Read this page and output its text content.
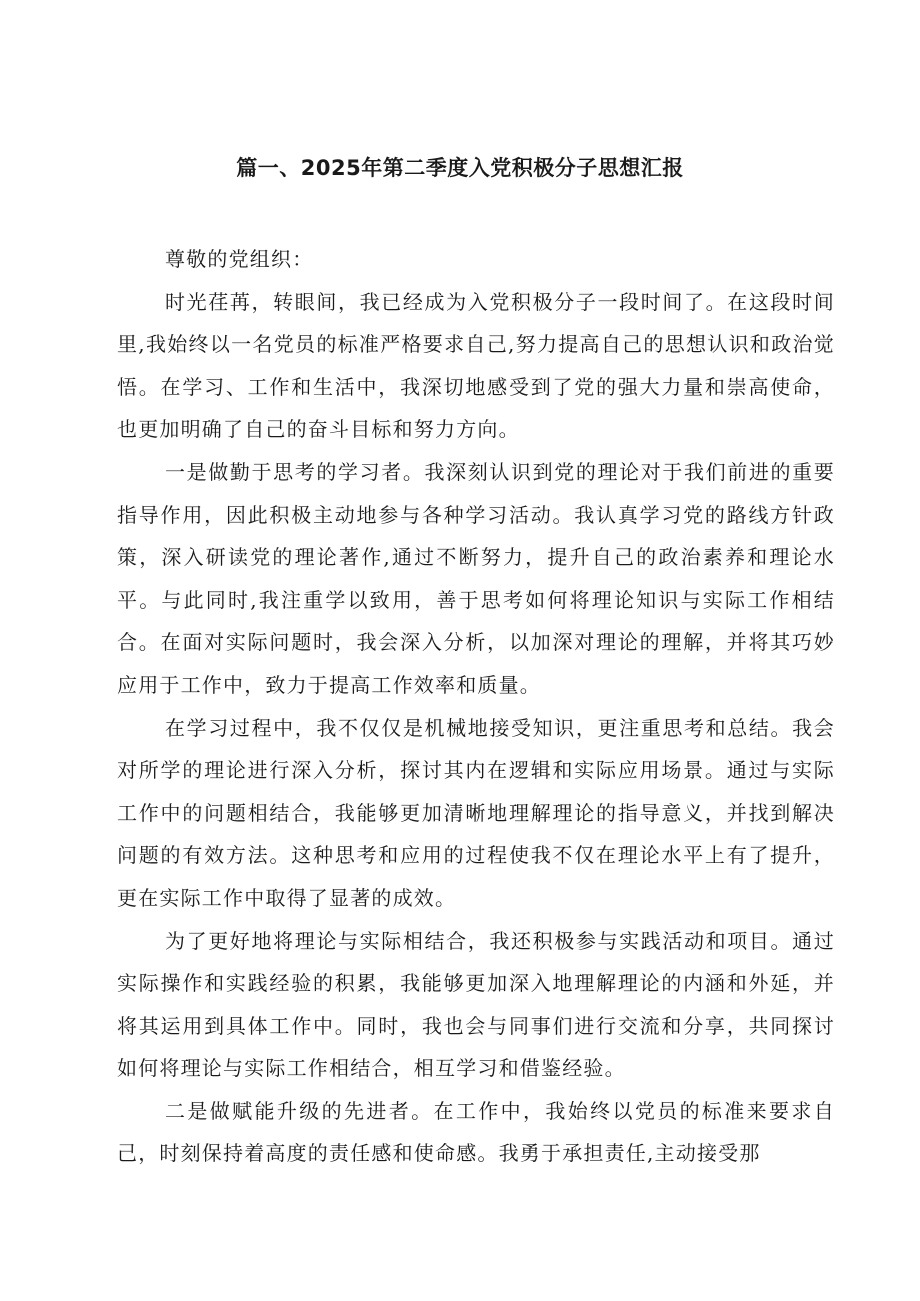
篇一、2025年第二季度入党积极分子思想汇报

尊敬的党组织：

时光荏苒，转眼间，我已经成为入党积极分子一段时间了。在这段时间里,我始终以一名党员的标准严格要求自己,努力提高自己的思想认识和政治觉悟。在学习、工作和生活中，我深切地感受到了党的强大力量和崇高使命，也更加明确了自己的奋斗目标和努力方向。

一是做勤于思考的学习者。我深刻认识到党的理论对于我们前进的重要指导作用，因此积极主动地参与各种学习活动。我认真学习党的路线方针政策，深入研读党的理论著作,通过不断努力，提升自己的政治素养和理论水平。与此同时,我注重学以致用，善于思考如何将理论知识与实际工作相结合。在面对实际问题时，我会深入分析，以加深对理论的理解，并将其巧妙应用于工作中，致力于提高工作效率和质量。

在学习过程中，我不仅仅是机械地接受知识，更注重思考和总结。我会对所学的理论进行深入分析，探讨其内在逻辑和实际应用场景。通过与实际工作中的问题相结合，我能够更加清晰地理解理论的指导意义，并找到解决问题的有效方法。这种思考和应用的过程使我不仅在理论水平上有了提升，更在实际工作中取得了显著的成效。

为了更好地将理论与实际相结合，我还积极参与实践活动和项目。通过实际操作和实践经验的积累，我能够更加深入地理解理论的内涵和外延，并将其运用到具体工作中。同时，我也会与同事们进行交流和分享，共同探讨如何将理论与实际工作相结合，相互学习和借鉴经验。

二是做赋能升级的先进者。在工作中，我始终以党员的标准来要求自己，时刻保持着高度的责任感和使命感。我勇于承担责任,主动接受那
